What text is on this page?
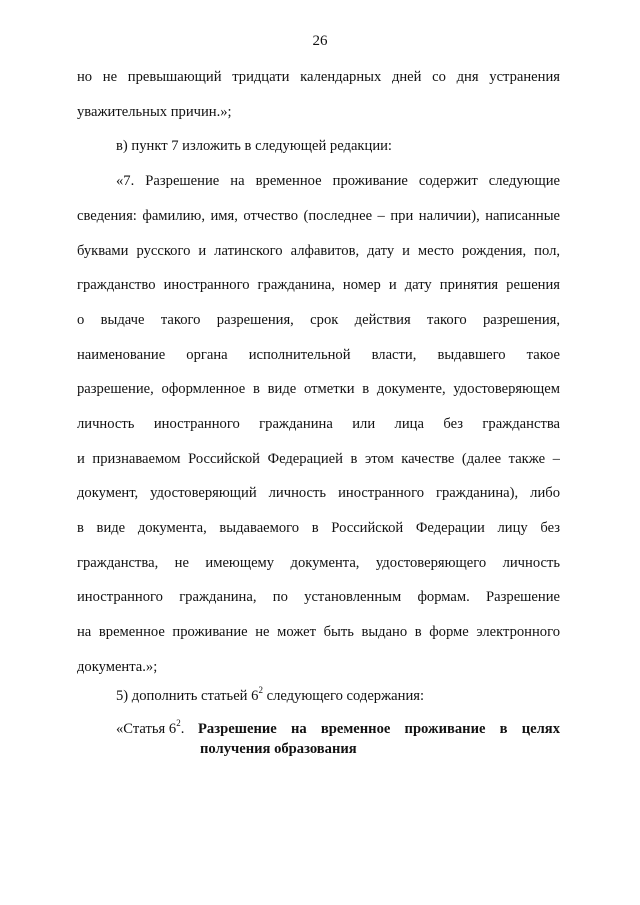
26
но не превышающий тридцати календарных дней со дня устранения
уважительных причин.»;
в) пункт 7 изложить в следующей редакции:
«7. Разрешение на временное проживание содержит следующие
сведения: фамилию, имя, отчество (последнее – при наличии), написанные
буквами русского и латинского алфавитов, дату и место рождения, пол,
гражданство иностранного гражданина, номер и дату принятия решения
о выдаче такого разрешения, срок действия такого разрешения,
наименование органа исполнительной власти, выдавшего такое
разрешение, оформленное в виде отметки в документе, удостоверяющем
личность иностранного гражданина или лица без гражданства
и признаваемом Российской Федерацией в этом качестве (далее также –
документ, удостоверяющий личность иностранного гражданина), либо
в виде документа, выдаваемого в Российской Федерации лицу без
гражданства, не имеющему документа, удостоверяющего личность
иностранного гражданина, по установленным формам. Разрешение
на временное проживание не может быть выдано в форме электронного
документа.»;
5) дополнить статьей $6^2$ следующего содержания:
«Статья $6^2$. Разрешение на временное проживание в целях
получения образования
